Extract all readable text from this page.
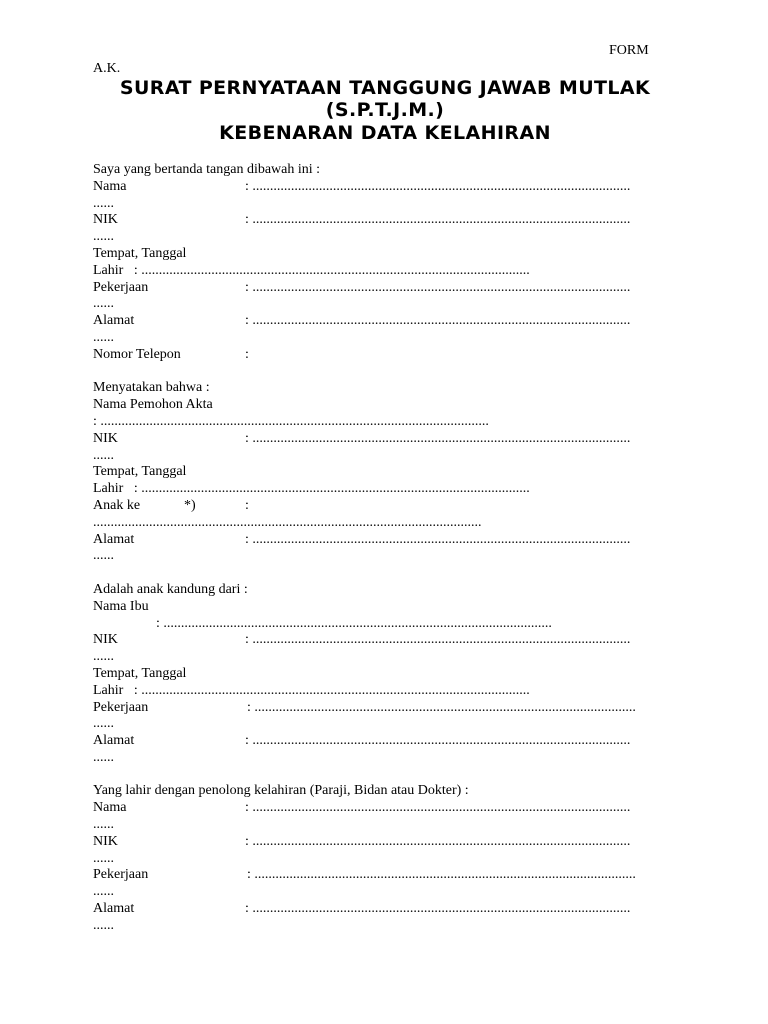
FORM
A.K.
SURAT PERNYATAAN TANGGUNG JAWAB MUTLAK
(S.P.T.J.M.)
KEBENARAN DATA KELAHIRAN
Saya yang bertanda tangan dibawah ini :
Nama	: ............................................................................................................
......
NIK	: ............................................................................................................
......
Tempat, Tanggal
Lahir : ...............................................................................................................
Pekerjaan	: ............................................................................................................
......
Alamat	: ............................................................................................................
......
Nomor Telepon	:
Menyatakan bahwa :
Nama Pemohon Akta
: ...............................................................................................................
NIK	: ............................................................................................................
......
Tempat, Tanggal
Lahir : ...............................................................................................................
Anak ke	*)	:
...............................................................................................................
Alamat	: ............................................................................................................
......
Adalah anak kandung dari :
Nama Ibu
: ...............................................................................................................
NIK	: ............................................................................................................
......
Tempat, Tanggal
Lahir : ...............................................................................................................
Pekerjaan	: .............................................................................................................
......
Alamat	: ............................................................................................................
......
Yang lahir dengan penolong kelahiran (Paraji, Bidan atau Dokter) :
Nama	: ............................................................................................................
......
NIK	: ............................................................................................................
......
Pekerjaan	: .............................................................................................................
......
Alamat	: ............................................................................................................
......
